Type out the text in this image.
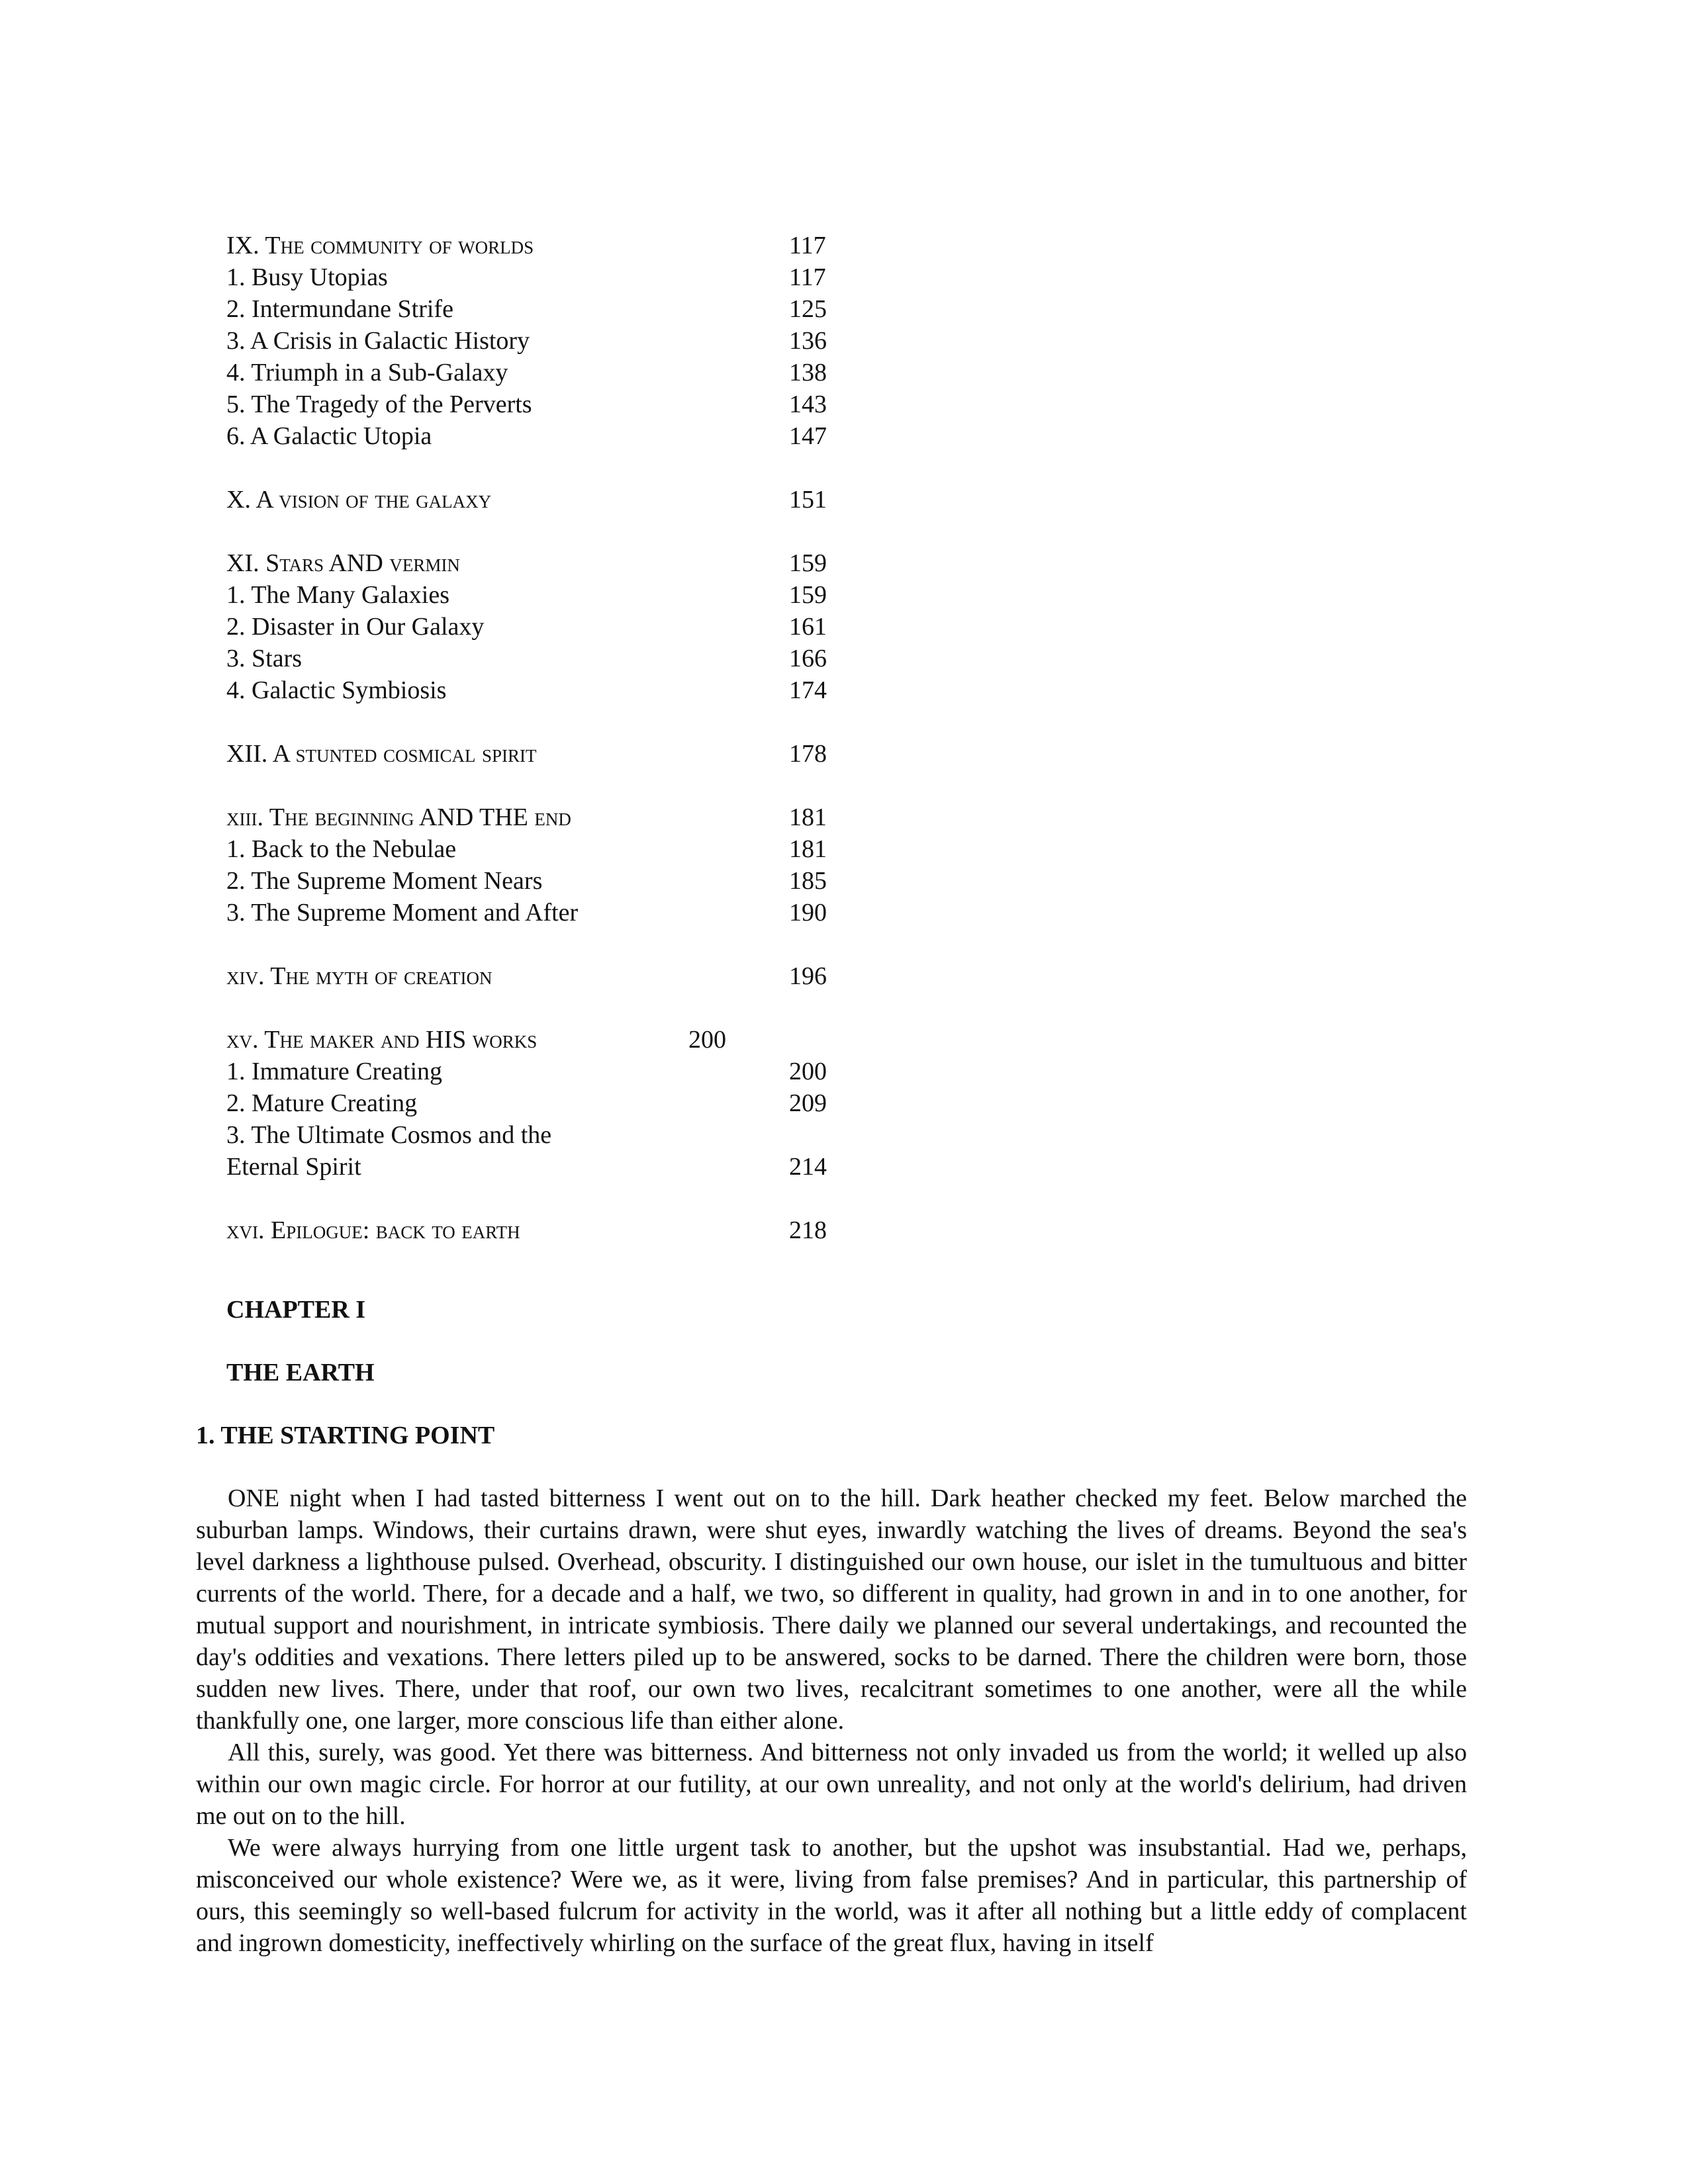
IX. The community of worlds	117
1. Busy Utopias	117
2. Intermundane Strife	125
3. A Crisis in Galactic History	136
4. Triumph in a Sub-Galaxy	138
5. The Tragedy of the Perverts	143
6. A Galactic Utopia	147
X. A vision of the galaxy	151
XI. Stars AND vermin	159
1. The Many Galaxies	159
2. Disaster in Our Galaxy	161
3. Stars	166
4. Galactic Symbiosis	174
XII. A stunted cosmical spirit	178
xiii. The beginning AND THE end	181
1. Back to the Nebulae	181
2. The Supreme Moment Nears	185
3. The Supreme Moment and After	190
xiv. The myth of creation	196
xv. The maker and HIS works	200
1. Immature Creating	200
2. Mature Creating	209
3. The Ultimate Cosmos and the
Eternal Spirit	214
xvi. Epilogue: back to earth	218
CHAPTER I
THE EARTH
1. THE STARTING POINT

ONE night when I had tasted bitterness I went out on to the hill. Dark heather checked my feet. Below marched the suburban lamps. Windows, their curtains drawn, were shut eyes, inwardly watching the lives of dreams. Beyond the sea's level darkness a lighthouse pulsed. Overhead, obscurity. I distinguished our own house, our islet in the tumultuous and bitter currents of the world. There, for a decade and a half, we two, so different in quality, had grown in and in to one another, for mutual support and nourishment, in intricate symbiosis. There daily we planned our several undertakings, and recounted the day's oddities and vexations. There letters piled up to be answered, socks to be darned. There the children were born, those sudden new lives. There, under that roof, our own two lives, recalcitrant sometimes to one another, were all the while thankfully one, one larger, more conscious life than either alone.

All this, surely, was good. Yet there was bitterness. And bitterness not only invaded us from the world; it welled up also within our own magic circle. For horror at our futility, at our own unreality, and not only at the world's delirium, had driven me out on to the hill.

We were always hurrying from one little urgent task to another, but the upshot was insubstantial. Had we, perhaps, misconceived our whole existence? Were we, as it were, living from false premises? And in particular, this partnership of ours, this seemingly so well-based fulcrum for activity in the world, was it after all nothing but a little eddy of complacent and ingrown domesticity, ineffectively whirling on the surface of the great flux, having in itself
